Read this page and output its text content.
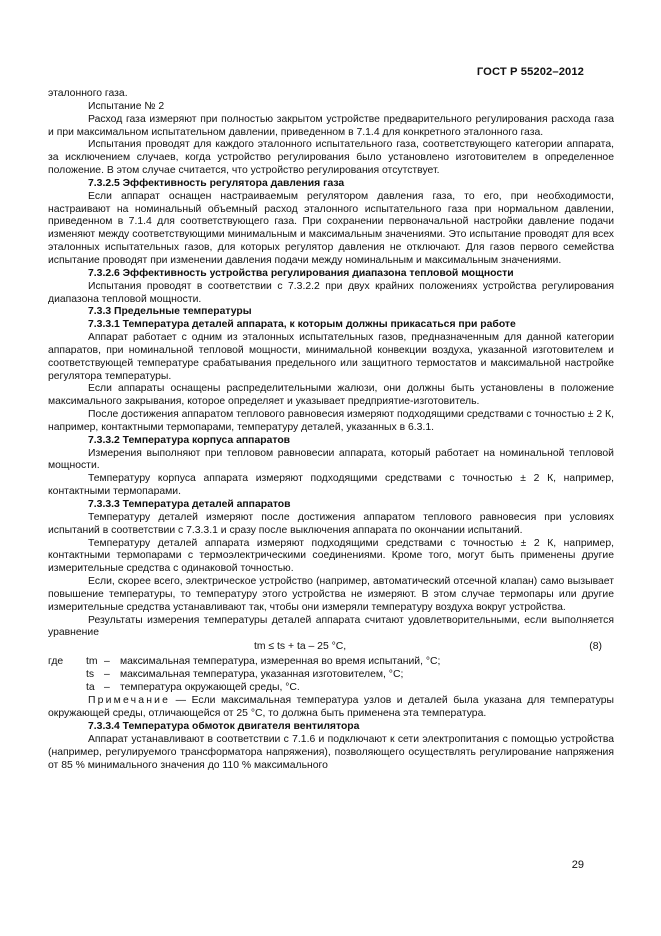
ГОСТ Р 55202–2012

эталонного газа.

Испытание № 2

Расход газа измеряют при полностью закрытом устройстве предварительного регулирования расхода газа и при максимальном испытательном давлении, приведенном в 7.1.4 для конкретного эталонного газа.

Испытания проводят для каждого эталонного испытательного газа, соответствующего категории аппарата, за исключением случаев, когда устройство регулирования было установлено изготовителем в определенное положение. В этом случае считается, что устройство регулирования отсутствует.

7.3.2.5 Эффективность регулятора давления газа

Если аппарат оснащен настраиваемым регулятором давления газа, то его, при необходимости, настраивают на номинальный объемный расход эталонного испытательного газа при нормальном давлении, приведенном в 7.1.4 для соответствующего газа. При сохранении первоначальной настройки давление подачи изменяют между соответствующими минимальным и максимальным значениями. Это испытание проводят для всех эталонных испытательных газов, для которых регулятор давления не отключают. Для газов первого семейства испытание проводят при изменении давления подачи между номинальным и максимальным значениями.

7.3.2.6 Эффективность устройства регулирования диапазона тепловой мощности

Испытания проводят в соответствии с 7.3.2.2 при двух крайних положениях устройства регулирования диапазона тепловой мощности.

7.3.3 Предельные температуры

7.3.3.1 Температура деталей аппарата, к которым должны прикасаться при работе

Аппарат работает с одним из эталонных испытательных газов, предназначенным для данной категории аппаратов, при номинальной тепловой мощности, минимальной конвекции воздуха, указанной изготовителем и соответствующей температуре срабатывания предельного или защитного термостатов и максимальной настройке регулятора температуры.

Если аппараты оснащены распределительными жалюзи, они должны быть установлены в положение максимального закрывания, которое определяет и указывает предприятие-изготовитель.

После достижения аппаратом теплового равновесия измеряют подходящими средствами с точностью ± 2 К, например, контактными термопарами, температуру деталей, указанных в 6.3.1.

7.3.3.2 Температура корпуса аппаратов

Измерения выполняют при тепловом равновесии аппарата, который работает на номинальной тепловой мощности.

Температуру корпуса аппарата измеряют подходящими средствами с точностью ± 2 К, например, контактными термопарами.

7.3.3.3 Температура деталей аппаратов

Температуру деталей измеряют после достижения аппаратом теплового равновесия при условиях испытаний в соответствии с 7.3.3.1 и сразу после выключения аппарата по окончании испытаний.

Температуру деталей аппарата измеряют подходящими средствами с точностью ± 2 К, например, контактными термопарами с термоэлектрическими соединениями. Кроме того, могут быть применены другие измерительные средства с одинаковой точностью.

Если, скорее всего, электрическое устройство (например, автоматический отсечной клапан) само вызывает повышение температуры, то температуру этого устройства не измеряют. В этом случае термопары или другие измерительные средства устанавливают так, чтобы они измеряли температуру воздуха вокруг устройства.

Результаты измерения температуры деталей аппарата считают удовлетворительными, если выполняется уравнение

tm ≤ ts + ta – 25 °C,	(8)
где tm – максимальная температура, измеренная во время испытаний, °C;
ts – максимальная температура, указанная изготовителем, °C;
ta – температура окружающей среды, °C.

Примечание — Если максимальная температура узлов и деталей была указана для температуры окружающей среды, отличающейся от 25 °C, то должна быть применена эта температура.

7.3.3.4 Температура обмоток двигателя вентилятора

Аппарат устанавливают в соответствии с 7.1.6 и подключают к сети электропитания с помощью устройства (например, регулируемого трансформатора напряжения), позволяющего осуществлять регулирование напряжения от 85 % минимального значения до 110 % максимального

29
